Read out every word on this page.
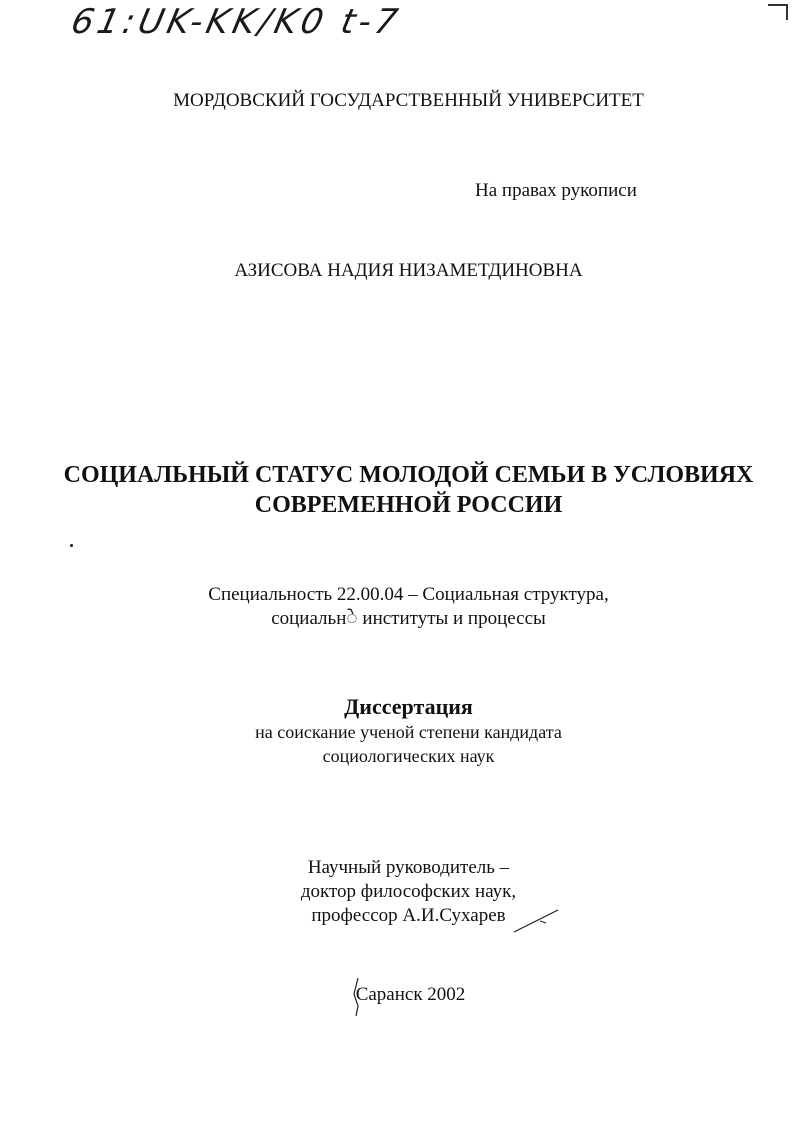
61:UK-KK/K0 t-7
МОРДОВСКИЙ ГОСУДАРСТВЕННЫЙ УНИВЕРСИТЕТ
На правах рукописи
АЗИСОВА НАДИЯ НИЗАМЕТДИНОВНА
СОЦИАЛЬНЫЙ СТАТУС МОЛОДОЙ СЕМЬИ В УСЛОВИЯХ
СОВРЕМЕННОЙ РОССИИ
Специальность 22.00.04 – Социальная структура,
социальнे институты и процессы
Диссертация
на соискание ученой степени кандидата
социологических наук
Научный руководитель –
доктор философских наук,
профессор А.И.Сухарев
Саранск 2002
